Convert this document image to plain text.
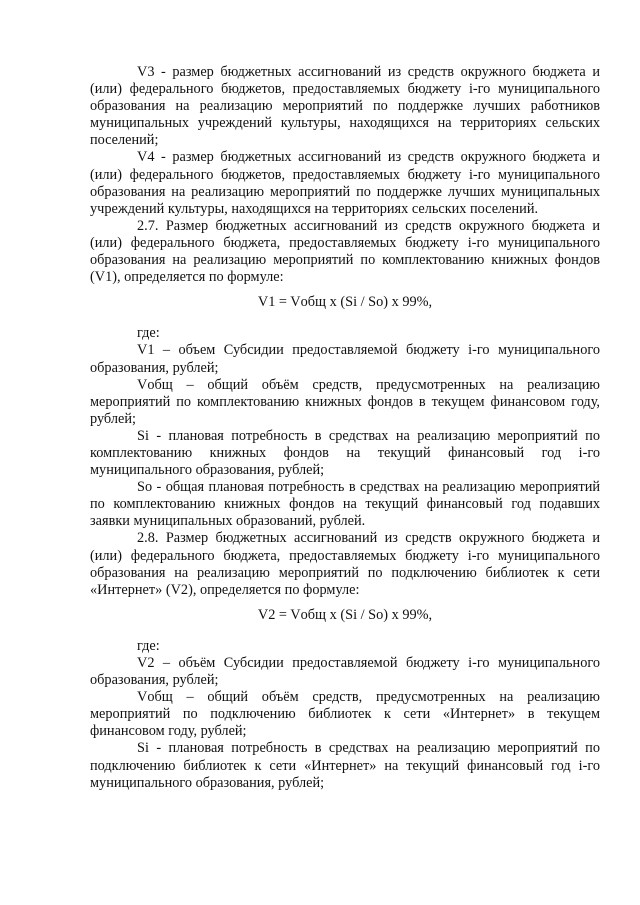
V3 - размер бюджетных ассигнований из средств окружного бюджета и (или) федерального бюджетов, предоставляемых бюджету i-го муниципального образования на реализацию мероприятий по поддержке лучших работников муниципальных учреждений культуры, находящихся на территориях сельских поселений;

V4 - размер бюджетных ассигнований из средств окружного бюджета и (или) федерального бюджетов, предоставляемых бюджету i-го муниципального образования на реализацию мероприятий по поддержке лучших муниципальных учреждений культуры, находящихся на территориях сельских поселений.

2.7. Размер бюджетных ассигнований из средств окружного бюджета и (или) федерального бюджета, предоставляемых бюджету i-го муниципального образования на реализацию мероприятий по комплектованию книжных фондов (V1), определяется по формуле:

V1 = Vобщ х (Si / So) х 99%,

где:

V1 – объем Субсидии предоставляемой бюджету i-го муниципального образования, рублей;

Vобщ – общий объём средств, предусмотренных на реализацию мероприятий по комплектованию книжных фондов в текущем финансовом году, рублей;

Si - плановая потребность в средствах на реализацию мероприятий по комплектованию книжных фондов на текущий финансовый год i-го муниципального образования, рублей;

So - общая плановая потребность в средствах на реализацию мероприятий по комплектованию книжных фондов на текущий финансовый год подавших заявки муниципальных образований, рублей.

2.8. Размер бюджетных ассигнований из средств окружного бюджета и (или) федерального бюджета, предоставляемых бюджету i-го муниципального образования на реализацию мероприятий по подключению библиотек к сети «Интернет» (V2), определяется по формуле:

V2 = Vобщ х (Si / So) х 99%,

где:

V2 – объём Субсидии предоставляемой бюджету i-го муниципального образования, рублей;

Vобщ – общий объём средств, предусмотренных на реализацию мероприятий по подключению библиотек к сети «Интернет» в текущем финансовом году, рублей;

Si - плановая потребность в средствах на реализацию мероприятий по подключению библиотек к сети «Интернет» на текущий финансовый год i-го муниципального образования, рублей;
